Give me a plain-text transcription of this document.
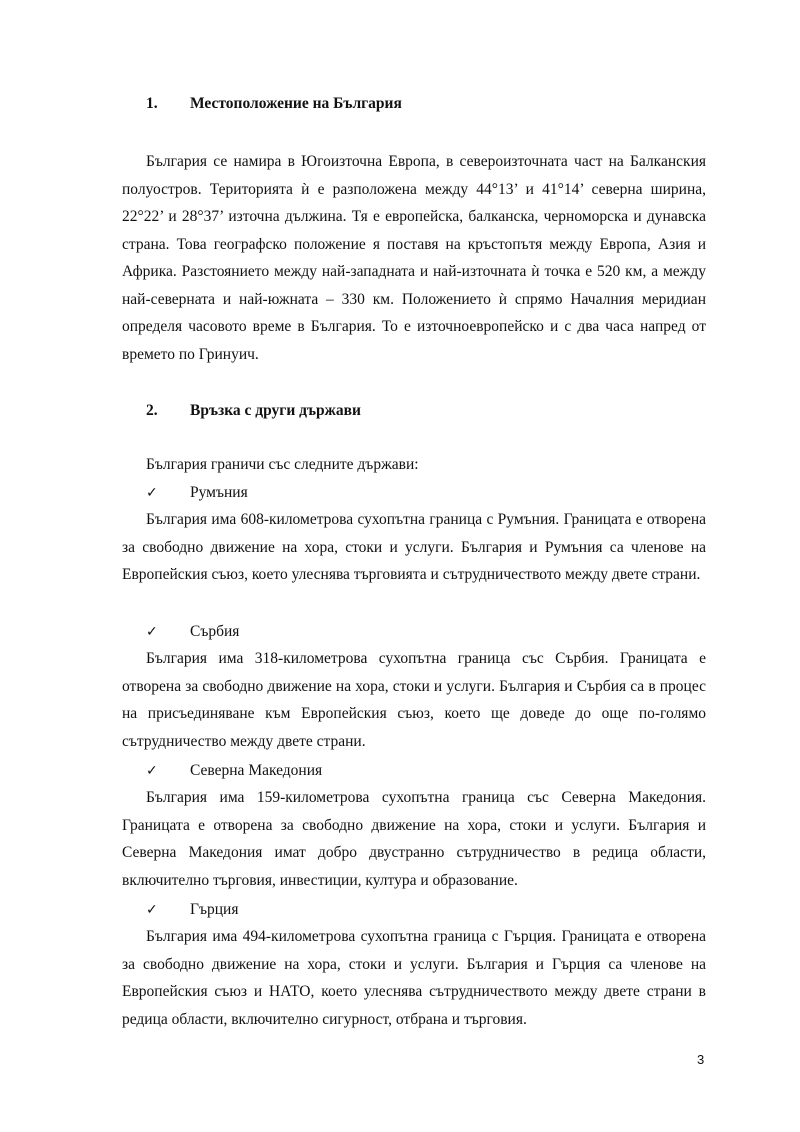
1. Местоположение на България

България се намира в Югоизточна Европа, в североизточната част на Балканския полуостров. Територията ѝ е разположена между 44°13’ и 41°14’ северна ширина, 22°22’ и 28°37’ източна дължина. Тя е европейска, балканска, черноморска и дунавска страна. Това географско положение я поставя на кръстопътя между Европа, Азия и Африка. Разстоянието между най-западната и най-източната ѝ точка е 520 км, а между най-северната и най-южната – 330 км. Положението ѝ спрямо Началния меридиан определя часовото време в България. То е източноевропейско и с два часа напред от времето по Гринуич.

2. Връзка с други държави
България граничи със следните държави:
✓ Румъния

България има 608-километрова сухопътна граница с Румъния. Границата е отворена за свободно движение на хора, стоки и услуги. България и Румъния са членове на Европейския съюз, което улеснява търговията и сътрудничеството между двете страни.

✓ Сърбия

България има 318-километрова сухопътна граница със Сърбия. Границата е отворена за свободно движение на хора, стоки и услуги. България и Сърбия са в процес на присъединяване към Европейския съюз, което ще доведе до още по-голямо сътрудничество между двете страни.

✓ Северна Македония

България има 159-километрова сухопътна граница със Северна Македония. Границата е отворена за свободно движение на хора, стоки и услуги. България и Северна Македония имат добро двустранно сътрудничество в редица области, включително търговия, инвестиции, култура и образование.

✓ Гърция

България има 494-километрова сухопътна граница с Гърция. Границата е отворена за свободно движение на хора, стоки и услуги. България и Гърция са членове на Европейския съюз и НАТО, което улеснява сътрудничеството между двете страни в редица области, включително сигурност, отбрана и търговия.

3
